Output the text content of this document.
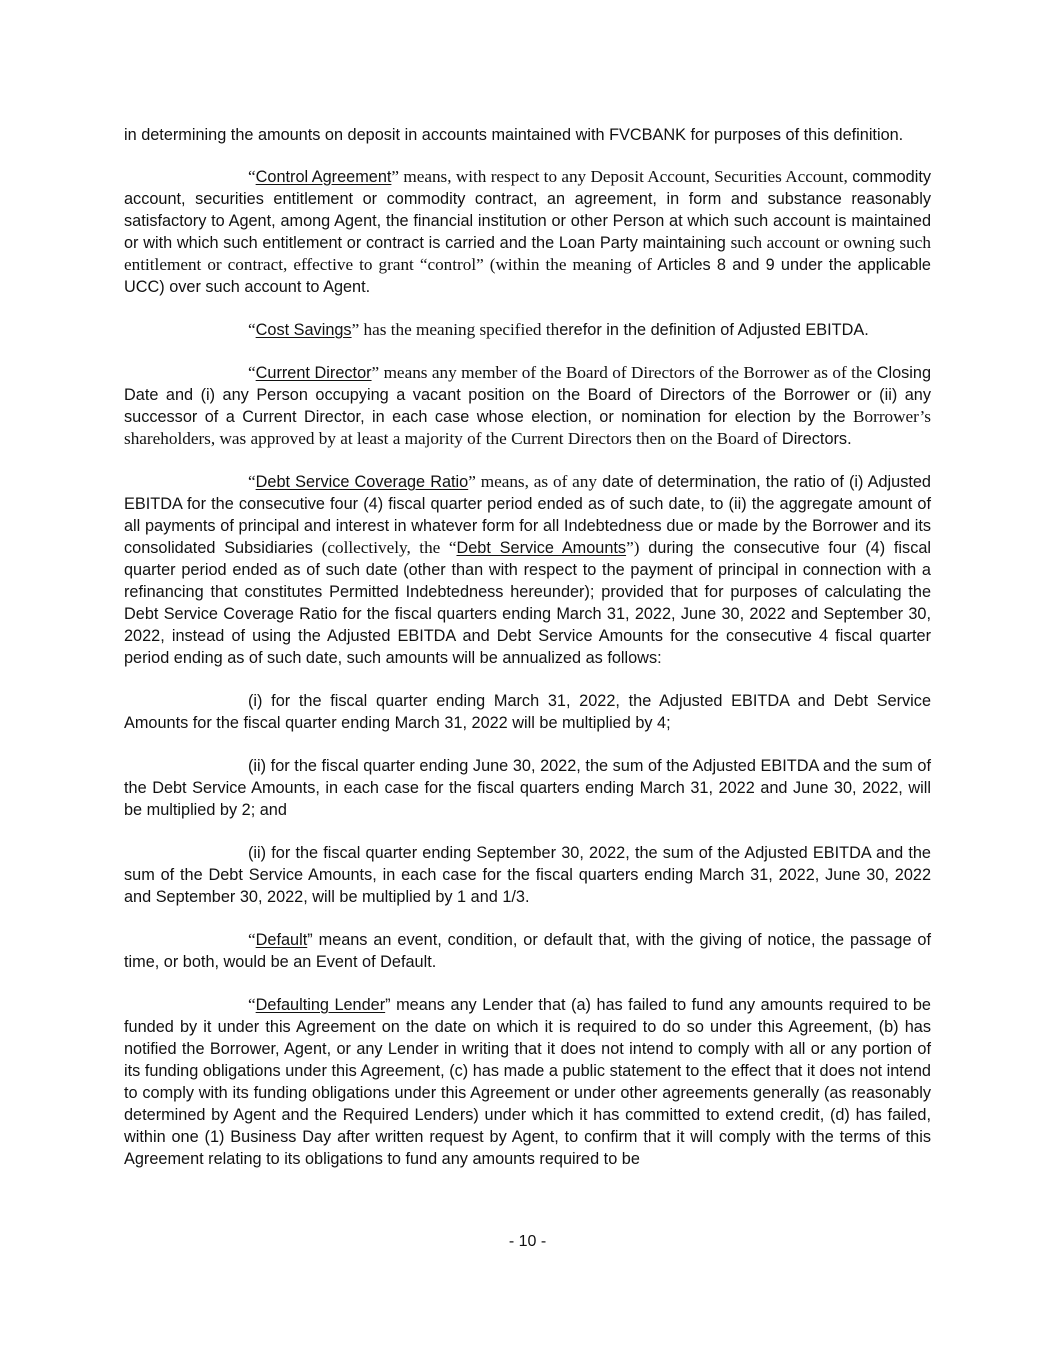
in determining the amounts on deposit in accounts maintained with FVCBANK for purposes of this definition.

“Control Agreement” means, with respect to any Deposit Account, Securities Account, commodity account, securities entitlement or commodity contract, an agreement, in form and substance reasonably satisfactory to Agent, among Agent, the financial institution or other Person at which such account is maintained or with which such entitlement or contract is carried and the Loan Party maintaining such account or owning such entitlement or contract, effective to grant “control” (within the meaning of Articles 8 and 9 under the applicable UCC) over such account to Agent.

“Cost Savings” has the meaning specified therefor in the definition of Adjusted EBITDA.

“Current Director” means any member of the Board of Directors of the Borrower as of the Closing Date and (i) any Person occupying a vacant position on the Board of Directors of the Borrower or (ii) any successor of a Current Director, in each case whose election, or nomination for election by the Borrower’s shareholders, was approved by at least a majority of the Current Directors then on the Board of Directors.

“Debt Service Coverage Ratio” means, as of any date of determination, the ratio of (i) Adjusted EBITDA for the consecutive four (4) fiscal quarter period ended as of such date, to (ii) the aggregate amount of all payments of principal and interest in whatever form for all Indebtedness due or made by the Borrower and its consolidated Subsidiaries (collectively, the “Debt Service Amounts”) during the consecutive four (4) fiscal quarter period ended as of such date (other than with respect to the payment of principal in connection with a refinancing that constitutes Permitted Indebtedness hereunder); provided that for purposes of calculating the Debt Service Coverage Ratio for the fiscal quarters ending March 31, 2022, June 30, 2022 and September 30, 2022, instead of using the Adjusted EBITDA and Debt Service Amounts for the consecutive 4 fiscal quarter period ending as of such date, such amounts will be annualized as follows:

(i) for the fiscal quarter ending March 31, 2022, the Adjusted EBITDA and Debt Service Amounts for the fiscal quarter ending March 31, 2022 will be multiplied by 4;

(ii) for the fiscal quarter ending June 30, 2022, the sum of the Adjusted EBITDA and the sum of the Debt Service Amounts, in each case for the fiscal quarters ending March 31, 2022 and June 30, 2022, will be multiplied by 2; and

(ii) for the fiscal quarter ending September 30, 2022, the sum of the Adjusted EBITDA and the sum of the Debt Service Amounts, in each case for the fiscal quarters ending March 31, 2022, June 30, 2022 and September 30, 2022, will be multiplied by 1 and 1/3.

“Default” means an event, condition, or default that, with the giving of notice, the passage of time, or both, would be an Event of Default.

“Defaulting Lender” means any Lender that (a) has failed to fund any amounts required to be funded by it under this Agreement on the date on which it is required to do so under this Agreement, (b) has notified the Borrower, Agent, or any Lender in writing that it does not intend to comply with all or any portion of its funding obligations under this Agreement, (c) has made a public statement to the effect that it does not intend to comply with its funding obligations under this Agreement or under other agreements generally (as reasonably determined by Agent and the Required Lenders) under which it has committed to extend credit, (d) has failed, within one (1) Business Day after written request by Agent, to confirm that it will comply with the terms of this Agreement relating to its obligations to fund any amounts required to be

- 10 -
